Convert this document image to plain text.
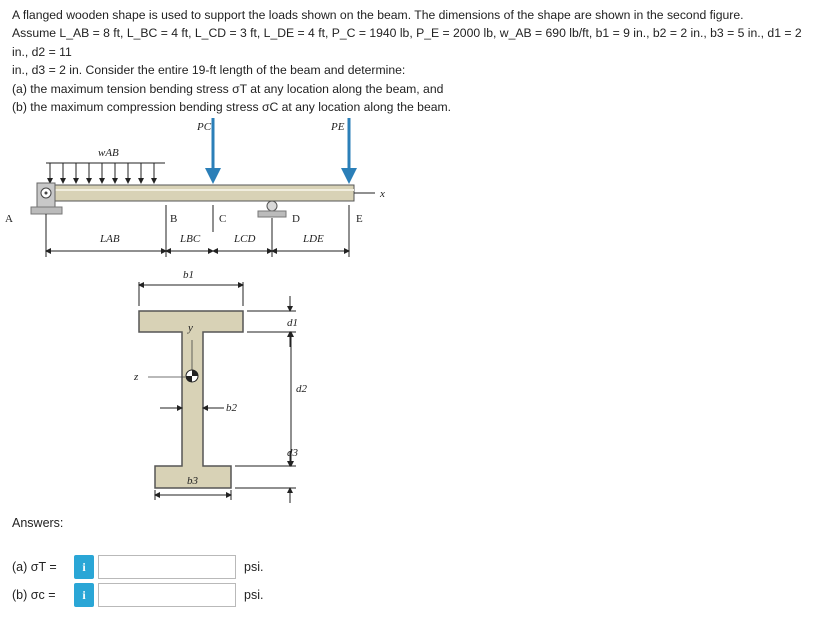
A flanged wooden shape is used to support the loads shown on the beam. The dimensions of the shape are shown in the second figure.

Assume L_AB = 8 ft, L_BC = 4 ft, L_CD = 3 ft, L_DE = 4 ft, P_C = 1940 lb, P_E = 2000 lb, w_AB = 690 lb/ft, b1 = 9 in., b2 = 2 in., b3 = 5 in., d1 = 2 in., d2 = 11

in., d3 = 2 in. Consider the entire 19-ft length of the beam and determine:

(a) the maximum tension bending stress σT at any location along the beam, and

(b) the maximum compression bending stress σC at any location along the beam.

wAB
PC	PE
x
A	B	C	D	E
LAB	LBC	LCD	LDE
b1
d1
d2
d3
b2
b3
y
z
Answers:
(a) σT =	i	psi.
(b) σc =	i	psi.
